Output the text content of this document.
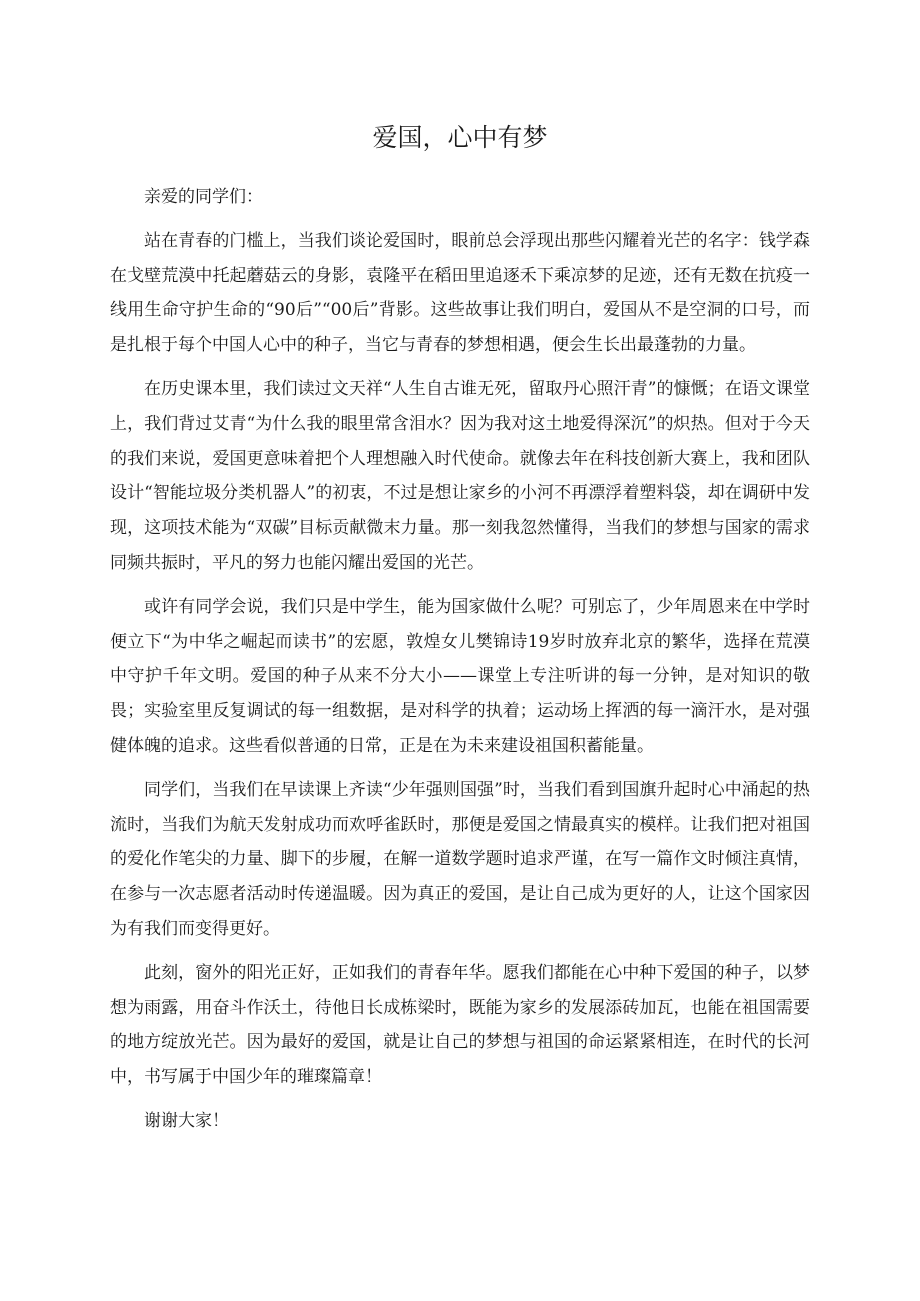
爱国，心中有梦

亲爱的同学们：

站在青春的门槛上，当我们谈论爱国时，眼前总会浮现出那些闪耀着光芒的名字：钱学森在戈壁荒漠中托起蘑菇云的身影，袁隆平在稻田里追逐禾下乘凉梦的足迹，还有无数在抗疫一线用生命守护生命的“90后”“00后”背影。这些故事让我们明白，爱国从不是空洞的口号，而是扎根于每个中国人心中的种子，当它与青春的梦想相遇，便会生长出最蓬勃的力量。

在历史课本里，我们读过文天祥“人生自古谁无死，留取丹心照汗青”的慷慨；在语文课堂上，我们背过艾青“为什么我的眼里常含泪水？因为我对这土地爱得深沉”的炽热。但对于今天的我们来说，爱国更意味着把个人理想融入时代使命。就像去年在科技创新大赛上，我和团队设计“智能垃圾分类机器人”的初衷，不过是想让家乡的小河不再漂浮着塑料袋，却在调研中发现，这项技术能为“双碳”目标贡献微末力量。那一刻我忽然懂得，当我们的梦想与国家的需求同频共振时，平凡的努力也能闪耀出爱国的光芒。

或许有同学会说，我们只是中学生，能为国家做什么呢？可别忘了，少年周恩来在中学时便立下“为中华之崛起而读书”的宏愿，敦煌女儿樊锦诗19岁时放弃北京的繁华，选择在荒漠中守护千年文明。爱国的种子从来不分大小——课堂上专注听讲的每一分钟，是对知识的敬畏；实验室里反复调试的每一组数据，是对科学的执着；运动场上挥洒的每一滴汗水，是对强健体魄的追求。这些看似普通的日常，正是在为未来建设祖国积蓄能量。

同学们，当我们在早读课上齐读“少年强则国强”时，当我们看到国旗升起时心中涌起的热流时，当我们为航天发射成功而欢呼雀跃时，那便是爱国之情最真实的模样。让我们把对祖国的爱化作笔尖的力量、脚下的步履，在解一道数学题时追求严谨，在写一篇作文时倾注真情，在参与一次志愿者活动时传递温暖。因为真正的爱国，是让自己成为更好的人，让这个国家因为有我们而变得更好。

此刻，窗外的阳光正好，正如我们的青春年华。愿我们都能在心中种下爱国的种子，以梦想为雨露，用奋斗作沃土，待他日长成栋梁时，既能为家乡的发展添砖加瓦，也能在祖国需要的地方绽放光芒。因为最好的爱国，就是让自己的梦想与祖国的命运紧紧相连，在时代的长河中，书写属于中国少年的璀璨篇章！

谢谢大家！
